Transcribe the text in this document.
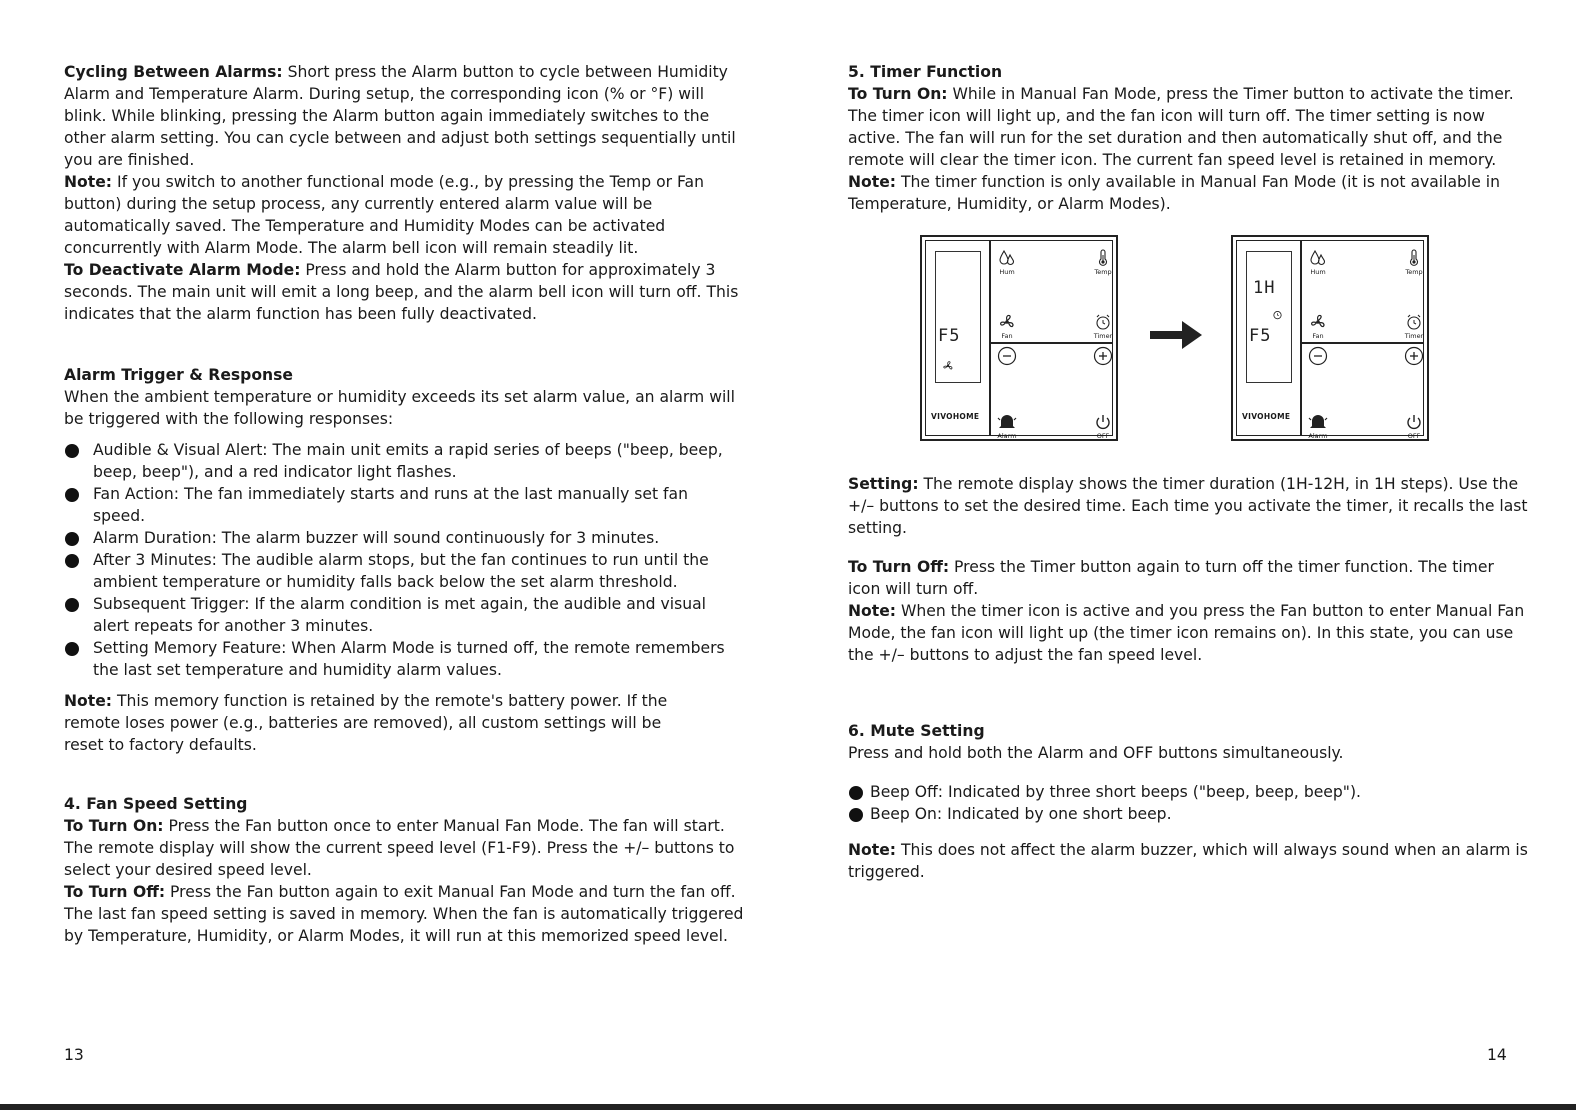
Cycling Between Alarms: Short press the Alarm button to cycle between Humidity Alarm and Temperature Alarm. During setup, the corresponding icon (% or °F) will blink. While blinking, pressing the Alarm button again immediately switches to the other alarm setting. You can cycle between and adjust both settings sequentially until you are finished.

Note: If you switch to another functional mode (e.g., by pressing the Temp or Fan button) during the setup process, any currently entered alarm value will be automatically saved. The Temperature and Humidity Modes can be activated concurrently with Alarm Mode. The alarm bell icon will remain steadily lit.

To Deactivate Alarm Mode: Press and hold the Alarm button for approximately 3 seconds. The main unit will emit a long beep, and the alarm bell icon will turn off. This indicates that the alarm function has been fully deactivated.

Alarm Trigger & Response

When the ambient temperature or humidity exceeds its set alarm value, an alarm will be triggered with the following responses:

Audible & Visual Alert: The main unit emits a rapid series of beeps ("beep, beep, beep, beep"), and a red indicator light flashes.
Fan Action: The fan immediately starts and runs at the last manually set fan speed.
Alarm Duration: The alarm buzzer will sound continuously for 3 minutes.
After 3 Minutes: The audible alarm stops, but the fan continues to run until the ambient temperature or humidity falls back below the set alarm threshold.
Subsequent Trigger: If the alarm condition is met again, the audible and visual alert repeats for another 3 minutes.
Setting Memory Feature: When Alarm Mode is turned off, the remote remembers the last set temperature and humidity alarm values.

Note: This memory function is retained by the remote's battery power. If the remote loses power (e.g., batteries are removed), all custom settings will be reset to factory defaults.

4. Fan Speed Setting

To Turn On: Press the Fan button once to enter Manual Fan Mode. The fan will start. The remote display will show the current speed level (F1-F9). Press the +/– buttons to select your desired speed level.

To Turn Off: Press the Fan button again to exit Manual Fan Mode and turn the fan off. The last fan speed setting is saved in memory. When the fan is automatically triggered by Temperature, Humidity, or Alarm Modes, it will run at this memorized speed level.

13

5. Timer Function

To Turn On: While in Manual Fan Mode, press the Timer button to activate the timer. The timer icon will light up, and the fan icon will turn off. The timer setting is now active. The fan will run for the set duration and then automatically shut off, and the remote will clear the timer icon. The current fan speed level is retained in memory.

Note: The timer function is only available in Manual Fan Mode (it is not available in Temperature, Humidity, or Alarm Modes).

F5
VIVOHOME
Hum	Temp
Fan	Timer
Alarm	OFF
1H
F5
VIVOHOME
Hum	Temp
Fan	Timer
Alarm	OFF

Setting: The remote display shows the timer duration (1H-12H, in 1H steps). Use the +/– buttons to set the desired time. Each time you activate the timer, it recalls the last setting.

To Turn Off: Press the Timer button again to turn off the timer function. The timer icon will turn off.

Note: When the timer icon is active and you press the Fan button to enter Manual Fan Mode, the fan icon will light up (the timer icon remains on). In this state, you can use the +/– buttons to adjust the fan speed level.

6. Mute Setting

Press and hold both the Alarm and OFF buttons simultaneously.

Beep Off: Indicated by three short beeps ("beep, beep, beep").
Beep On: Indicated by one short beep.

Note: This does not affect the alarm buzzer, which will always sound when an alarm is triggered.

14
